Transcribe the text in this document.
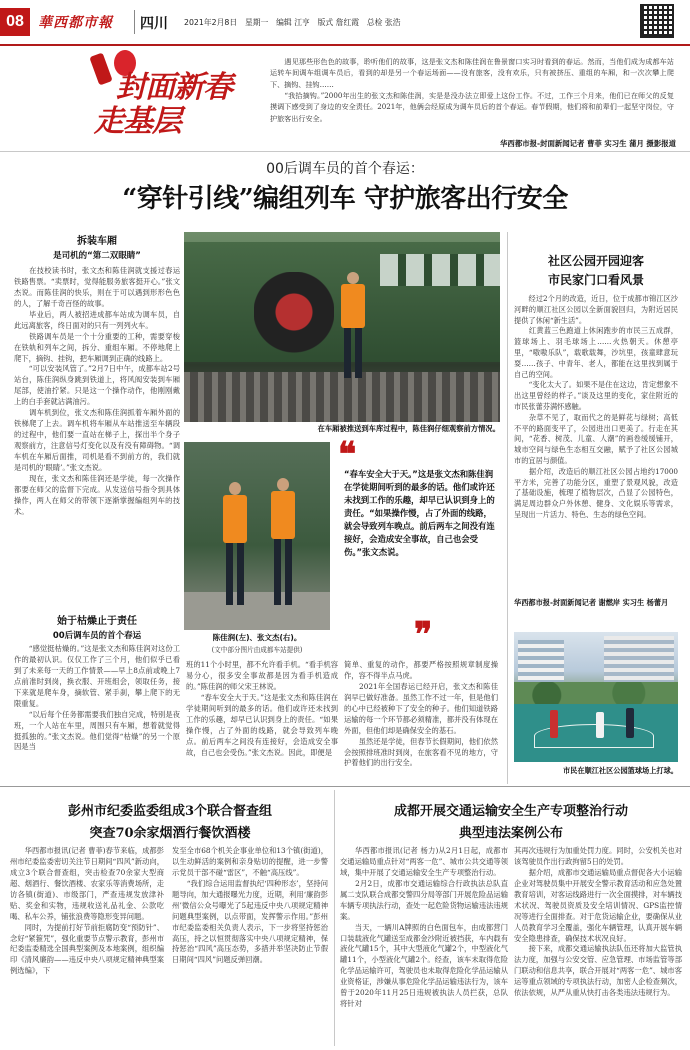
08	華西都市報 四川 2021年2月8日　星期一　编辑 江亨　版式 詹红霞　总检 张浩
封面新春
走基层
　　遇见那些形色色的故事，聆听他们的故事，这是张文杰和陈佳润在鲁景窗口实习时看到的春运。然而，当他们成为成都车站运转车间调车组调车员后，看到的却是另一个春运场面——没有旅客，没有欢乐，只有被挤压、重组的车厢，和一次次攀上爬下、摘钩、挂钩……
　　“我拾摘钩。”2000年出生的张文杰和陈佳润，实是是没办法立即爱上这份工作。不过，工作三个月来，他们已在师父的反复摸调下感受到了身边的安全责任。2021年，他俩会经原成为调车员后的首个春运。春节假期，他们将和前辈们一起坚守岗位，守护旅客出行安全。
华西都市报-封面新闻记者 曹菲 实习生 蒲月 摄影报道
00后调车员的首个春运：
“穿针引线”编组列车 守护旅客出行安全
拆装车厢
是司机的“第二双眼睛”
　　在技校读书时，张文杰和陈佳润就支援过春运铁路售票。“卖票时，觉得能服务旅客挺开心。”张文杰说。而陈佳润的快乐，则在于可以遇到形形色色的人，了解千奇百怪的故事。
　　毕业后，两人被招进成都车站成为调车员，自此远离旅客，终日面对的只有一列列火车。
　　铁路调车员是一个十分重要的工种，需要穿梭在铁轨和列车之间，拆分、重组车厢。不停地爬上爬下，摘钩、挂钩，把车厢调到正确的线路上。
　　“可以安装风管了。”2月7日中午，成都车站2号站台，陈佳润纵身跳到铁道上，将风阀安装到车厢尾部，使油拧紧。只是这一个操作动作，他刚刚戴上的白手套就沾满油污。
　　调车机到位，张文杰和陈佳润抓着车厢外面的铁梯爬了上去。调车机将车厢从车站推送至车辆段的过程中，他们要一直站在梯子上，探出半个身子观察前方，注意信号灯变化以及有没有障碍物。“调车机在车厢后面推，司机是看不到前方的，我们就是司机的‘眼睛’。”张文杰说。
　　现在，张文杰和陈佳润还是学徒，每一次操作都要在师父的监督下完成。从发送信号指令到具体操作，两人在师父的带领下逐渐掌握编组列车的技术。
始于枯燥止于责任
00后调车员的首个春运
　　“感觉挺枯燥的。”这是张文杰和陈佳润对这份工作的最初认识。仅仅工作了三个月，他们似乎已看到了未来每一天的工作情景——早上8点前或晚上7点前准时到岗，换衣服、开班组会，领取任务，接下来就是爬车身，摘软管、紧手刹，攀上爬下的无限重复。
　　“以后每个任务都需要我们独自完成，特别是夜班，一个人站在车里，周围只有车厢，想着就觉得挺孤独的。”张文杰说。他们觉得“枯燥”的另一个原因是当
在车厢被推送到车库过程中，陈佳润仔细观察前方情况。
陈佳润(左)、张文杰(右)。
(文中部分图片由成都车站提供)
❝
“春车安全大于天。”这是张文杰和陈佳润在学徒期间听到的最多的话。他们或许还未找到工作的乐趣，却早已认识到身上的责任。“如果操作慢，占了外面的线路，就会导致列车晚点。前后两车之间没有连接好，会造成安全事故，自己也会受伤。”张文杰说。
❞
班的11个小时里，都不允许看手机。“看手机容易分心，很多安全事故都是因为看手机造成的。”陈佳润的师父宋王林说。
　　“春车安全大于天。”这是张文杰和陈佳润在学徒期间听到的最多的话。他们或许还未找到工作的乐趣，却早已认识到身上的责任。“如果操作慢，占了外面的线路，就会导致列车晚点。前后两车之间没有连接好，会造成安全事故，自己也会受伤。”张文杰说。因此，即便是
简单、重复的动作，都要严格按照规章制度操作，容不得半点马虎。
　　2021年全国春运已经开启，张文杰和陈佳润早已做好准备。虽然工作不过一年，但是他们的心中已经被种下了安全的种子。他们知道铁路运输的每一个环节都必须精准，都并没有体现在外面，但他们却是确保安全的基石。
　　虽然还是学徒，但春节长假期间，他们依然会按照排班准时到岗，在旅客看不见的地方，守护着他们的出行安全。
社区公园开园迎客
市民家门口看风景
　　经过2个月的改造，近日，位于成都市锦江区沙河畔的顺江社区公园以全新面貌回归，为附近居民提供了休闲“新生活”。
　　红黄蓝三色跑道上休闲跑步的市民三五成群，篮球场上、羽毛球场上……火热朝天。休憩亭里，“嗷嗷乐队”，载歌载舞，沙坑里，孩童肆意玩耍……孩子、中青年、老人，都能在这里找到属于自己的空间。
　　“变化太大了。如果不是住在这边，肯定想象不出这里曾经的样子。”谈及这里的变化，家住附近的市民张蕾芬满怀感触。
　　杂草不见了，取而代之的是鲜花与绿树；高低不平的路面变平了，公园进出口更美了。行走在其间，“花香、树茂、儿童、人潮”的画卷缓缓铺开，城市空间与绿色生态相互交融，赋予了社区公园城市的宜居与颜值。
　　据介绍，改造后的顺江社区公园占地约17000平方米，完善了功能分区，重塑了景观风貌，改造了基础设施，梳理了植物层次，凸显了公园特色，满足周边群众户外休憩、健身、文化娱乐等需求，呈现出一片活力、特色、生态的绿色空间。
华西都市报-封面新闻记者 谢燃岸 实习生 杨蕾月
市民在顺江社区公园篮球场上打球。
彭州市纪委监委组成3个联合督查组
突查70余家烟酒行餐饮酒楼
　　华西都市报讯(记者 曹菲)春节来临，成都彭州市纪委监委密切关注节日期间“四风”新动向，成立3个联合督查组，突击检查70余家大型商超、烟酒行、餐饮酒楼、农家乐等消费场所，走访各镇(街道)、市级部门，严查违规发放津补贴、奖金和实物，违规收送礼品礼金、公款吃喝、私车公养，铺张浪费等隐形变异问题。
　　同时，为提前打好节前拒腐防变“预防针”、念好“紧箍咒”，强化重要节点警示教育，彭州市纪委监委精选全国典型案例及本地案例，组织编印《清风廉韵——违反中央八项规定精神典型案例选编》，下
发至全市68个机关企事业单位和13个镇(街道)，以生动鲜活的案例和亲身贴切的提醒，进一步警示党员干部不碰“雷区”，不触“高压线”。
　　“我们综合运用监督执纪‘四种形态’，坚持问题导向，加大通报曝光力度，近期，利用‘廉韵彭州’微信公众号曝光了5起违反中央八项规定精神问题典型案例，以点带面，发挥警示作用。”彭州市纪委监委相关负责人表示，下一步将坚持惩治高压，持之以恒贯彻落实中央八项规定精神，保持惩治“四风”高压态势，多措并举坚决防止节假日期间“四风”问题反弹回潮。
成都开展交通运输安全生产专项整治行动
典型违法案例公布
　　华西都市报讯(记者 杨力)从2月1日起，成都市交通运输局重点针对“两客一危”、城市公共交通等领域，集中开展了交通运输安全生产专项整治行动。
　　2月2日，成都市交通运输综合行政执法总队直属二支队联合成都交警四分局等部门开展危险品运输车辆专项执法行动，查处一起危险货物运输违法违规案。
　　当天，一辆川A牌照的白色面包车，由成都营门口装载液化气罐送至成都金沙附近被挡获，车内载有液化气罐15个，其中大型液化气罐2个，中型液化气罐11个，小型液化气罐2个。经查，该车未取得危险化学品运输许可，驾驶员也未取得危险化学品运输从业资格证，涉嫌从事危险化学品运输违法行为，该车曾于2020年11月25日违规被执法人员拦获，总队将针对
其再次违规行为加重处罚力度。同时，公安机关也对该驾驶员作出行政拘留5日的处罚。
　　据介绍，成都市交通运输局重点督促各大小运输企业对驾驶员集中开展安全警示教育活动和应急处置教育培训，对客运线路进行一次全面摸排，对车辆技术状况、驾驶员资质及安全培训情况、GPS监控情况等进行全面排查。对于危货运输企业，要确保从业人员教育学习全覆盖，强化车辆管理，认真开展车辆安全隐患排查，确保技术状况良好。
　　接下来，成都交通运输执法队伍还将加大监管执法力度，加强与公安交管、应急管理、市场监管等部门联动和信息共享，联合开展对“两客一危”、城市客运等重点领域的专项执法行动，加密人企检查频次，依法依规，从严从重从快打击各类违法违规行为。
